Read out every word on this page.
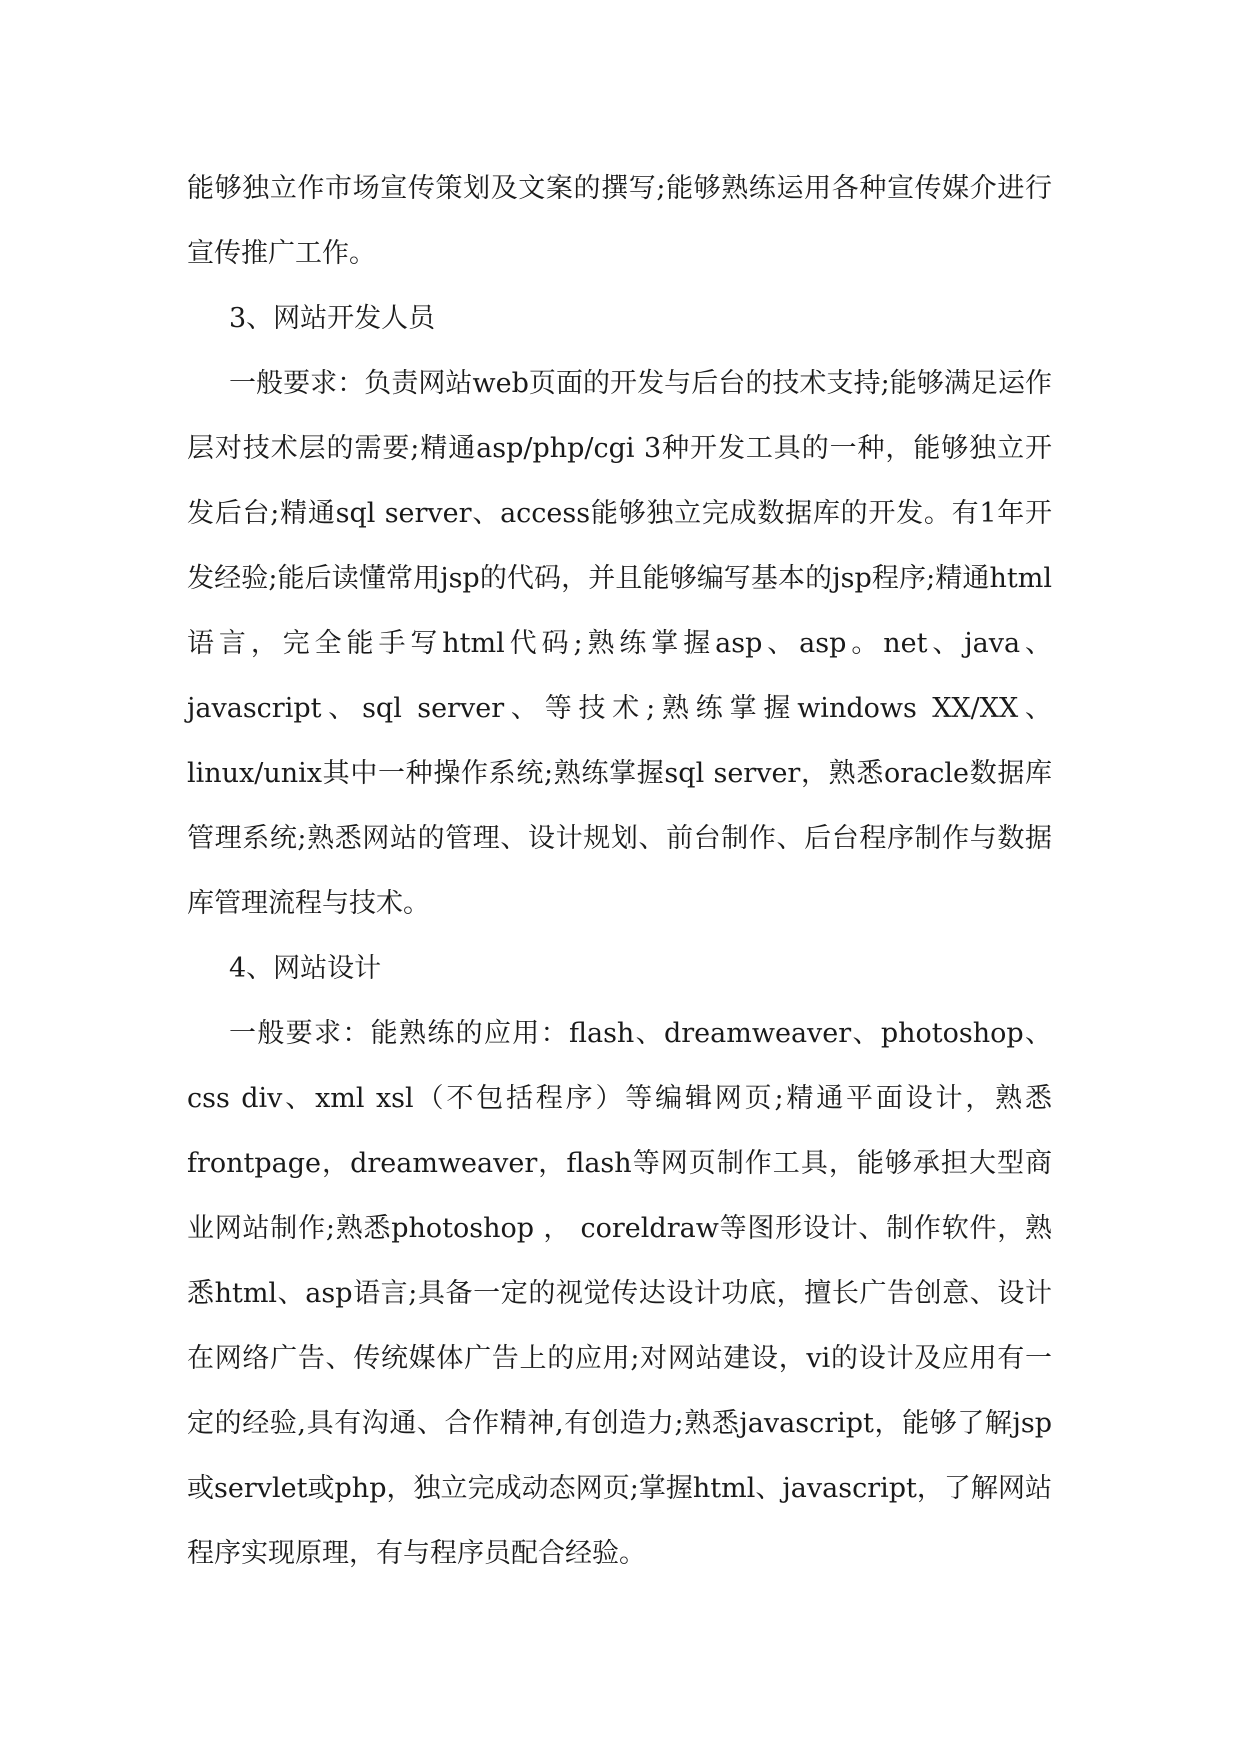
能够独立作市场宣传策划及文案的撰写;能够熟练运用各种宣传媒介进行宣传推广工作。

3、网站开发人员

一般要求：负责网站web页面的开发与后台的技术支持;能够满足运作层对技术层的需要;精通asp/php/cgi 3种开发工具的一种，能够独立开发后台;精通sql server、access能够独立完成数据库的开发。有1年开发经验;能后读懂常用jsp的代码，并且能够编写基本的jsp程序;精通html语言，完全能手写html代码;熟练掌握asp、asp。net、java、javascript、sql server、等技术;熟练掌握windows XX/XX、linux/unix其中一种操作系统;熟练掌握sql server，熟悉oracle数据库管理系统;熟悉网站的管理、设计规划、前台制作、后台程序制作与数据库管理流程与技术。

4、网站设计

一般要求：能熟练的应用：flash、dreamweaver、photoshop、css div、xml xsl（不包括程序）等编辑网页;精通平面设计，熟悉frontpage，dreamweaver，flash等网页制作工具，能够承担大型商业网站制作;熟悉photoshop ， coreldraw等图形设计、制作软件，熟悉html、asp语言;具备一定的视觉传达设计功底，擅长广告创意、设计在网络广告、传统媒体广告上的应用;对网站建设，vi的设计及应用有一定的经验,具有沟通、合作精神,有创造力;熟悉javascript，能够了解jsp或servlet或php，独立完成动态网页;掌握html、javascript，了解网站程序实现原理，有与程序员配合经验。
